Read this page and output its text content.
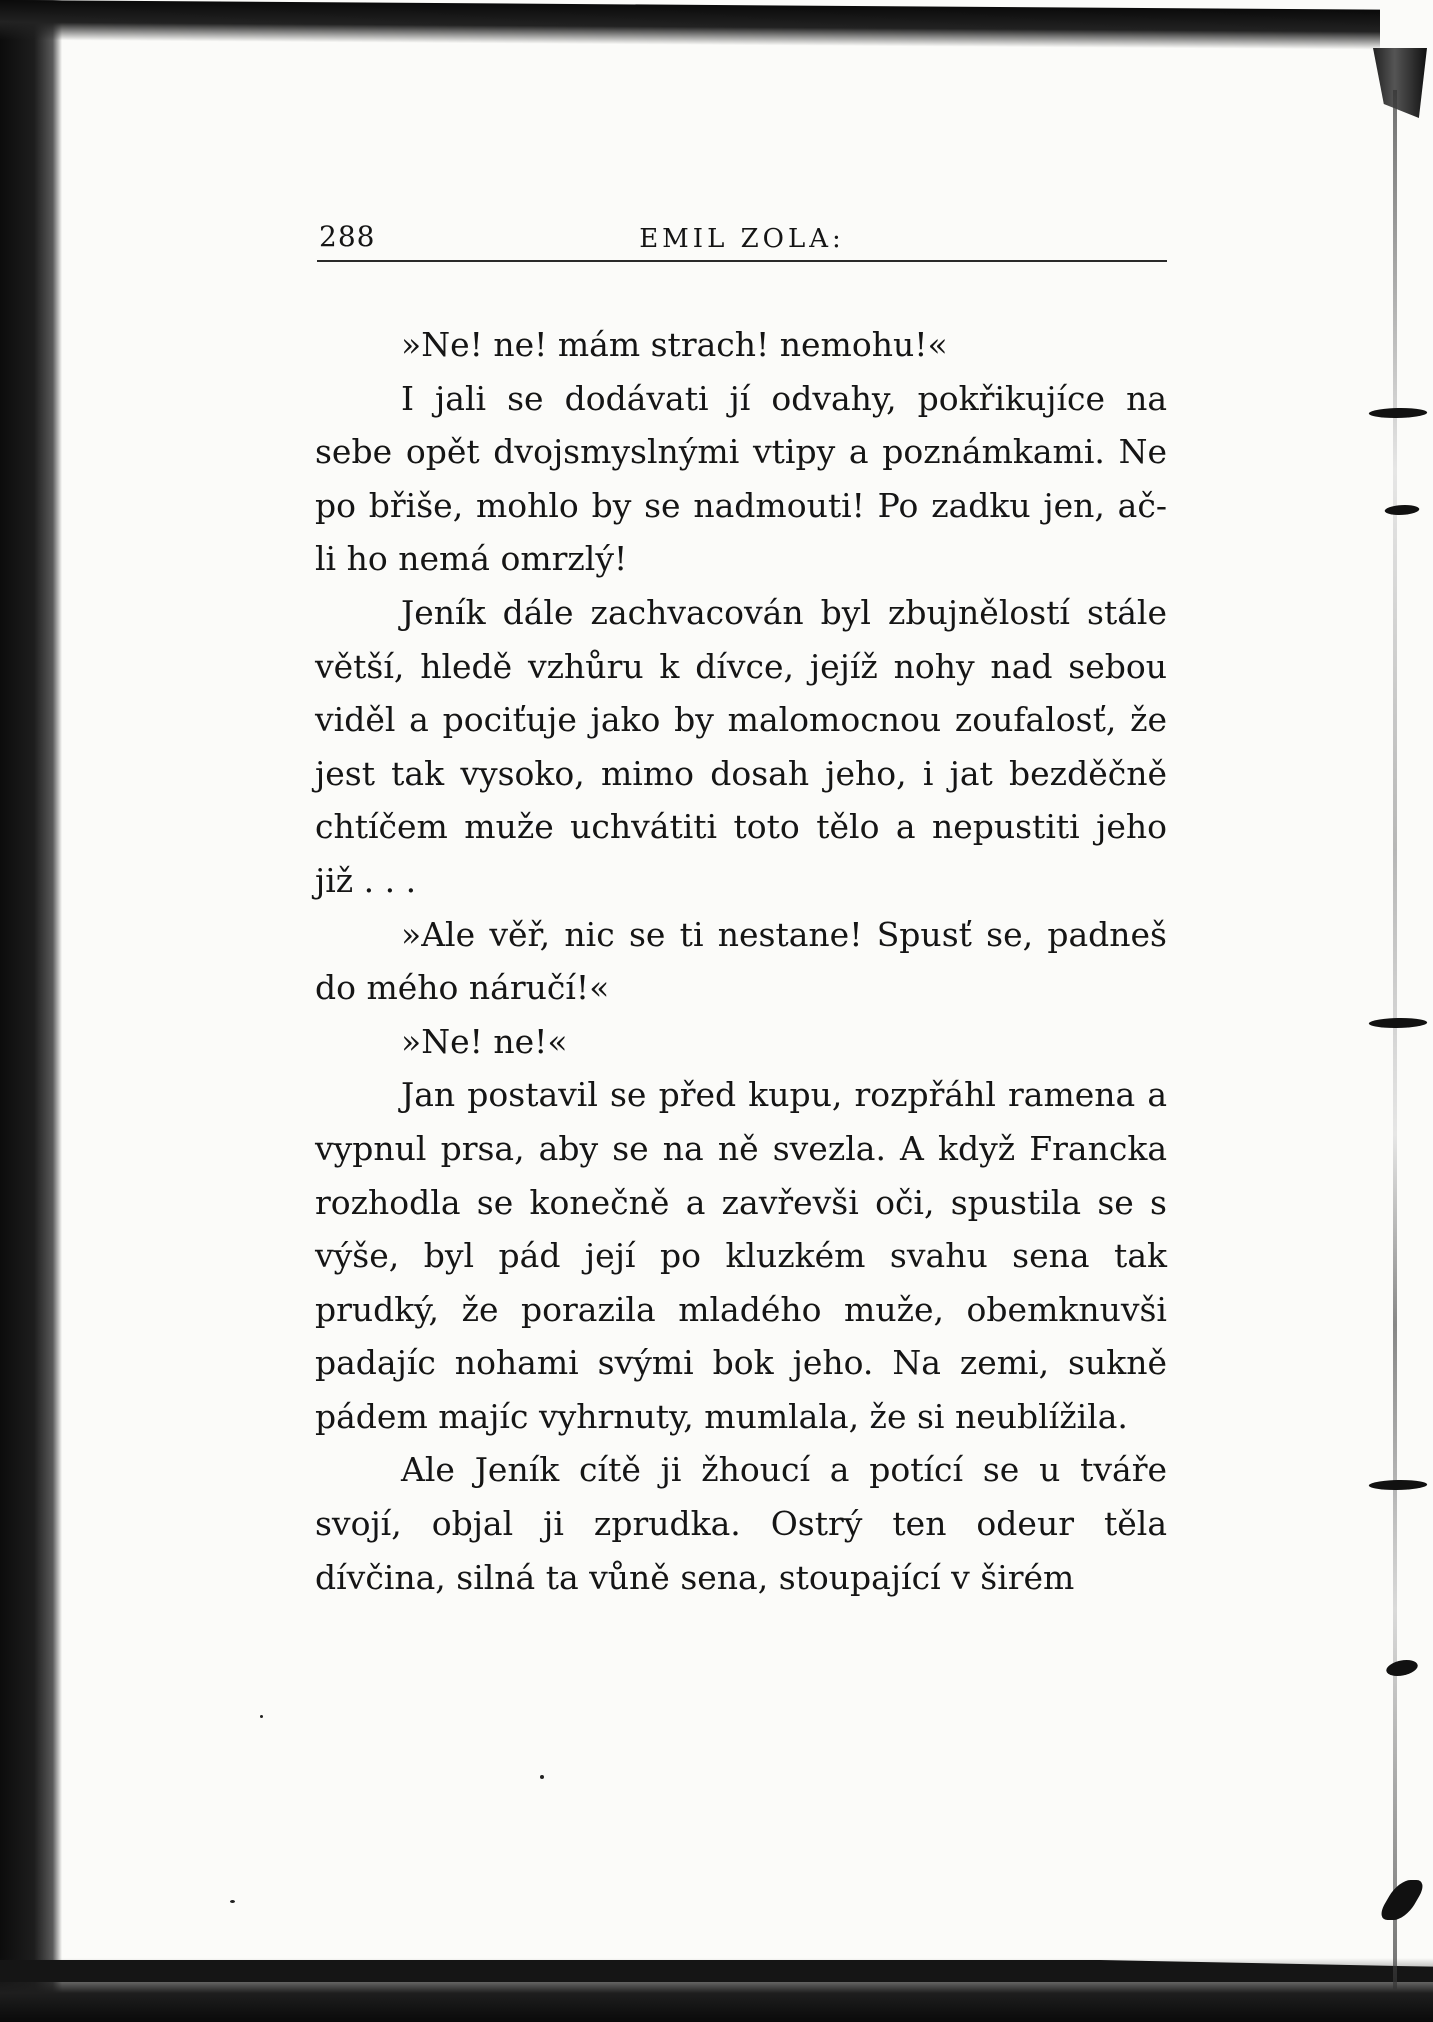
288	EMIL ZOLA:

»Ne! ne! mám strach! nemohu!«

I jali se dodávati jí odvahy, pokřikujíce na sebe opět dvojsmyslnými vtipy a poznámkami. Ne po břiše, mohlo by se nadmouti! Po zadku jen, ač-li ho nemá omrzlý!

Jeník dále zachvacován byl zbujnělostí stále větší, hledě vzhůru k dívce, jejíž nohy nad sebou viděl a pociťuje jako by malomocnou zoufalosť, že jest tak vysoko, mimo dosah jeho, i jat bezděčně chtíčem muže uchvátiti toto tělo a nepustiti jeho již . . .

»Ale věř, nic se ti nestane! Spusť se, padneš do mého náručí!«

»Ne! ne!«

Jan postavil se před kupu, rozpřáhl ramena a vypnul prsa, aby se na ně svezla. A když Francka rozhodla se konečně a zavřevši oči, spustila se s výše, byl pád její po kluzkém svahu sena tak prudký, že porazila mladého muže, obemknuvši padajíc nohami svými bok jeho. Na zemi, sukně pádem majíc vyhrnuty, mumlala, že si neublížila.

Ale Jeník cítě ji žhoucí a potící se u tváře svojí, objal ji zprudka. Ostrý ten odeur těla dívčina, silná ta vůně sena, stoupající v širém
